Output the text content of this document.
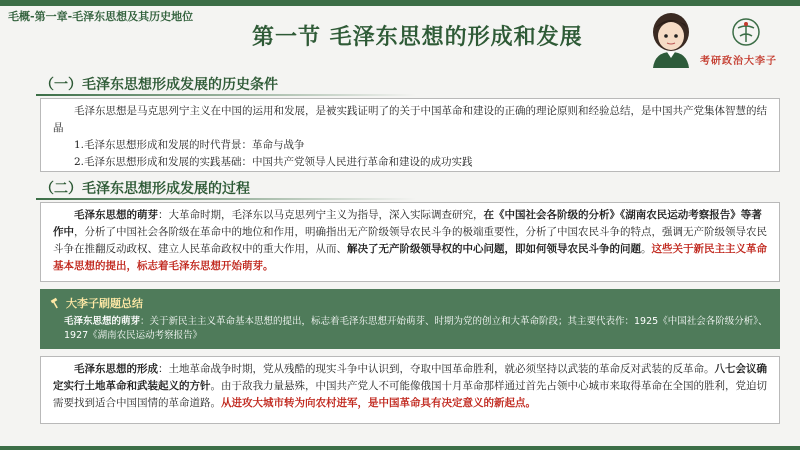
毛概-第一章-毛泽东思想及其历史地位
第一节 毛泽东思想的形成和发展
考研政治大李子
（一）毛泽东思想形成发展的历史条件

毛泽东思想是马克思列宁主义在中国的运用和发展，是被实践证明了的关于中国革命和建设的正确的理论原则和经验总结，是中国共产党集体智慧的结晶

1.毛泽东思想形成和发展的时代背景：革命与战争

2.毛泽东思想形成和发展的实践基础：中国共产党领导人民进行革命和建设的成功实践

（二）毛泽东思想形成发展的过程

毛泽东思想的萌芽：大革命时期，毛泽东以马克思列宁主义为指导，深入实际调查研究，在《中国社会各阶级的分析》《湖南农民运动考察报告》等著作中，分析了中国社会各阶级在革命中的地位和作用，明确指出无产阶级领导农民斗争的极端重要性，分析了中国农民斗争的特点，强调无产阶级领导农民斗争在推翻反动政权、建立人民革命政权中的重大作用，从而、解决了无产阶级领导权的中心问题，即如何领导农民斗争的问题。这些关于新民主主义革命基本思想的提出，标志着毛泽东思想开始萌芽。

大李子刷题总结
毛泽东思想的萌芽：关于新民主主义革命基本思想的提出，标志着毛泽东思想开始萌芽、时期为党的创立和大革命阶段；其主要代表作：1925《中国社会各阶级分析》、1927《湖南农民运动考察报告》

毛泽东思想的形成：土地革命战争时期，党从残酷的现实斗争中认识到，夺取中国革命胜利，就必须坚持以武装的革命反对武装的反革命。八七会议确定实行土地革命和武装起义的方针。由于敌我力量悬殊，中国共产党人不可能像俄国十月革命那样通过首先占领中心城市来取得革命在全国的胜利，党迫切需要找到适合中国国情的革命道路。从进攻大城市转为向农村进军，是中国革命具有决定意义的新起点。
